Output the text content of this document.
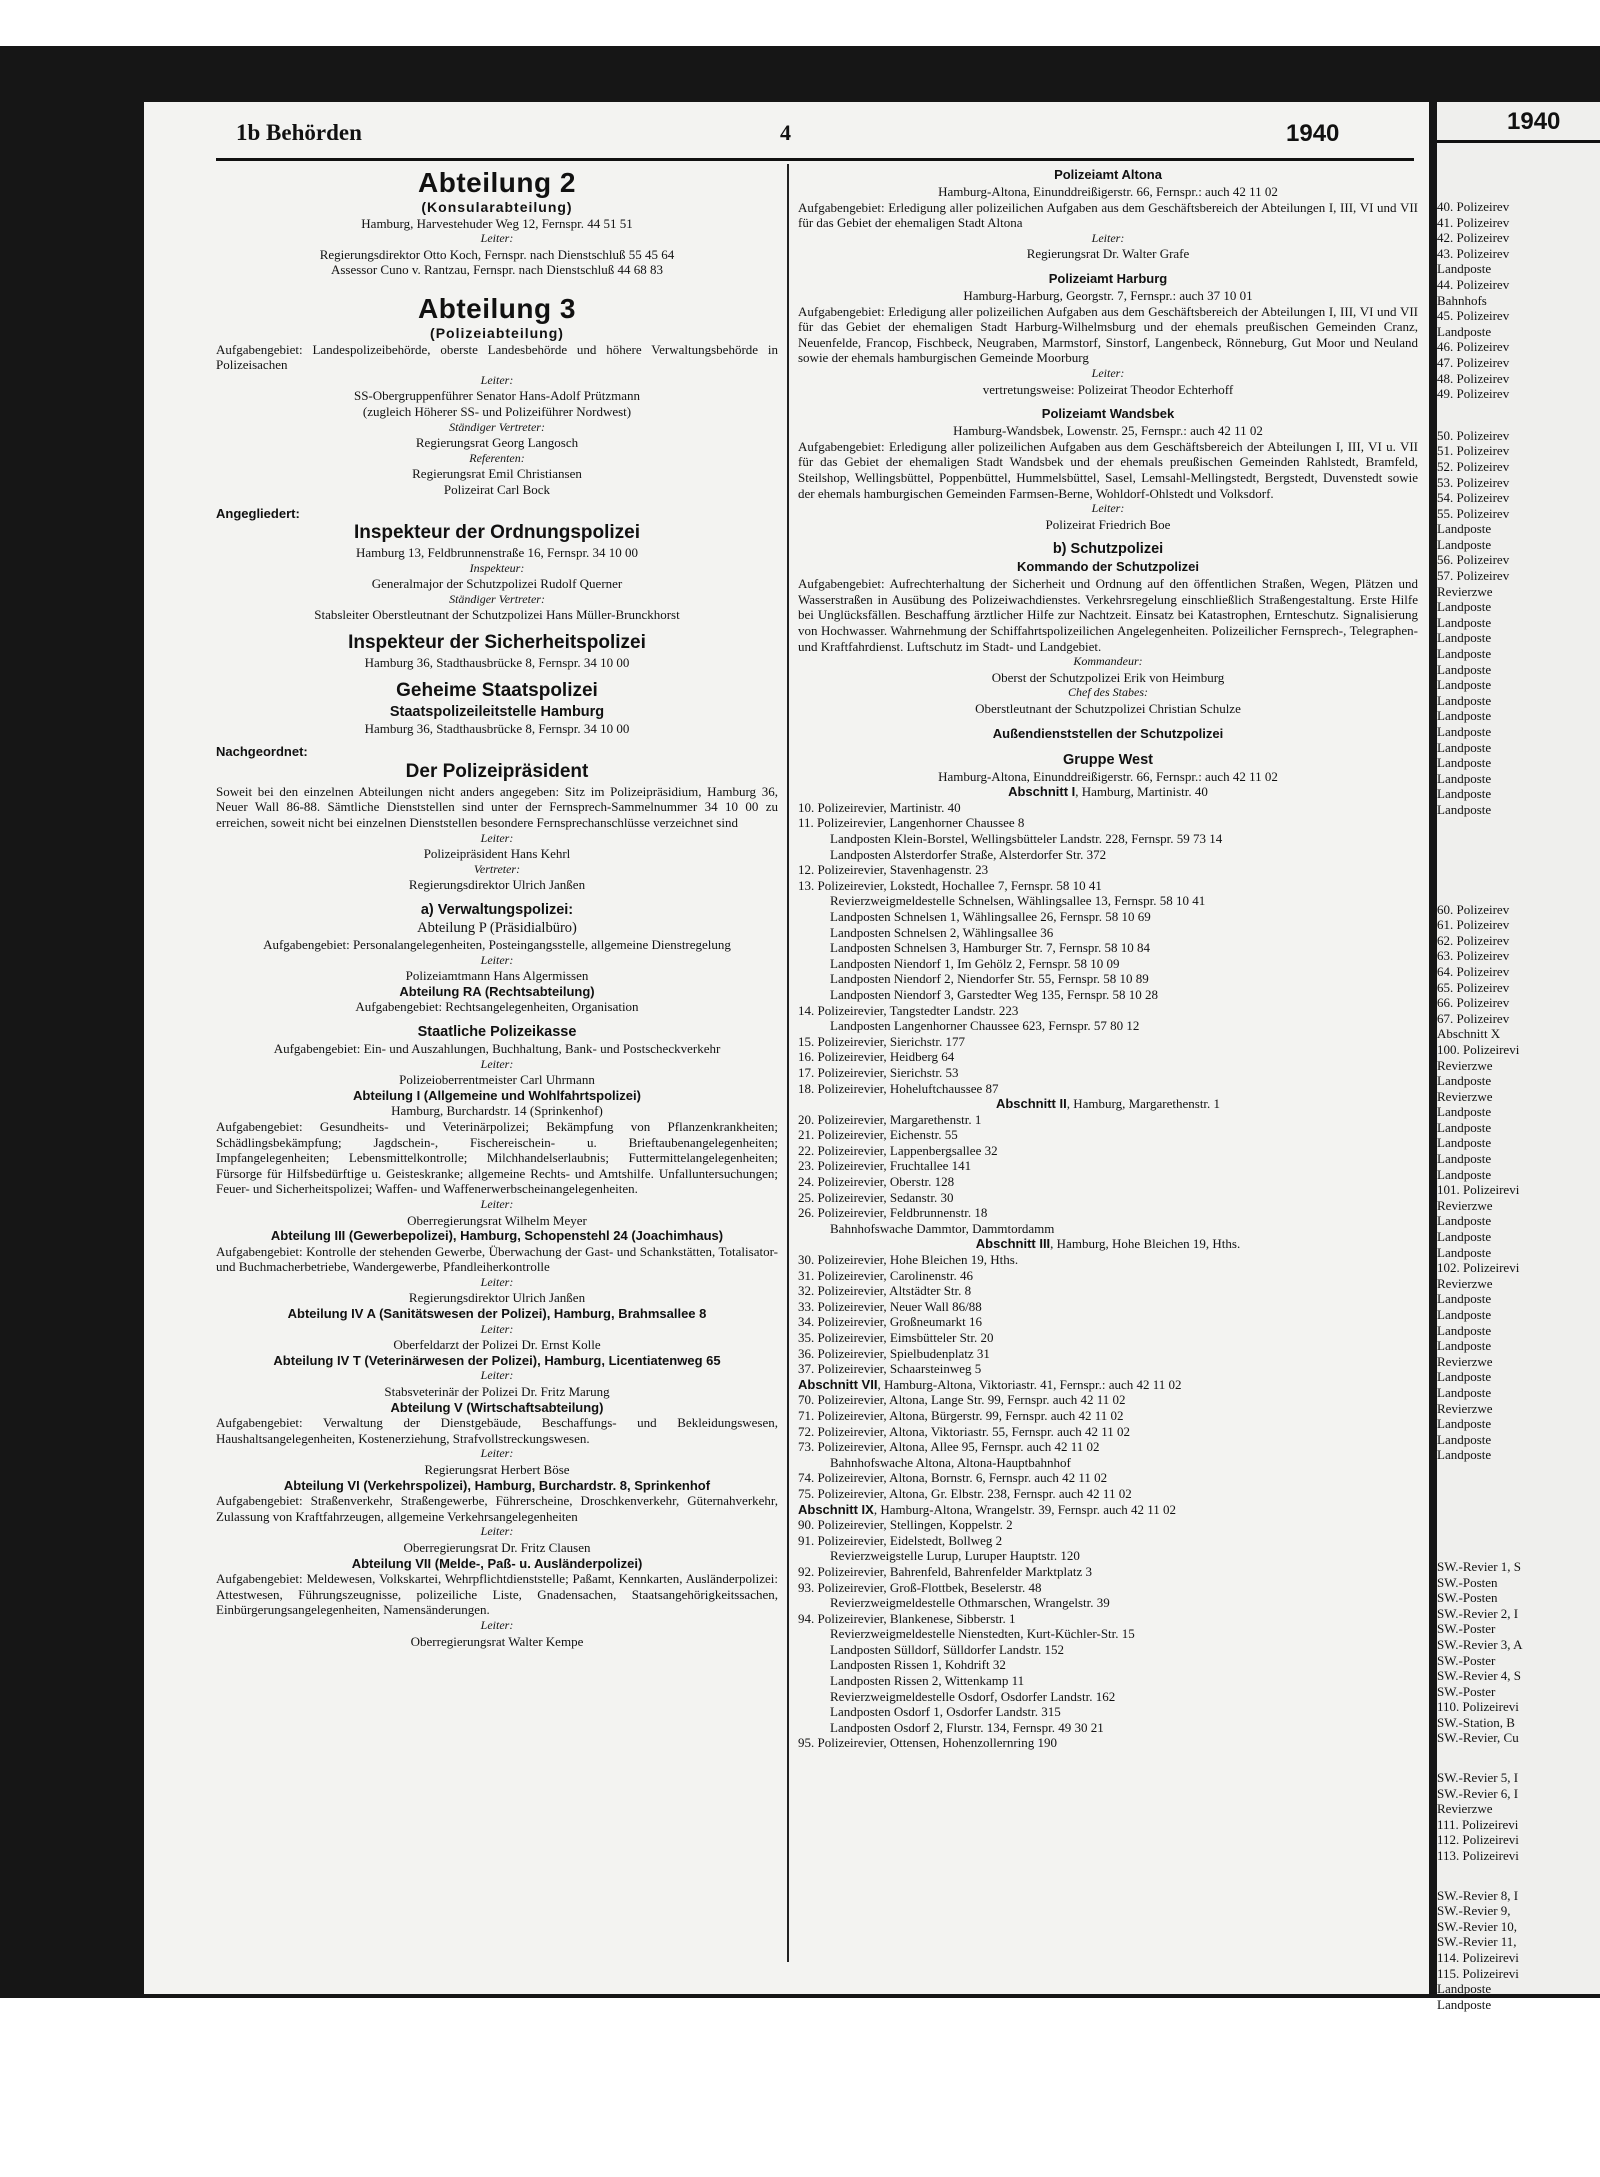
1b Behörden	4	1940
Abteilung 2
(Konsularabteilung)
Hamburg, Harvestehuder Weg 12, Fernspr. 44 51 51
Leiter:
Regierungsdirektor Otto Koch, Fernspr. nach Dienstschluß 55 45 64
Assessor Cuno v. Rantzau, Fernspr. nach Dienstschluß 44 68 83
Abteilung 3
(Polizeiabteilung)
Aufgabengebiet: Landespolizeibehörde, oberste Landesbehörde und höhere Verwaltungsbehörde in Polizeisachen
Leiter:
SS-Obergruppenführer Senator Hans-Adolf Prützmann
(zugleich Höherer SS- und Polizeiführer Nordwest)
Ständiger Vertreter:
Regierungsrat Georg Langosch
Referenten:
Regierungsrat Emil Christiansen
Polizeirat Carl Bock
Angegliedert:
Inspekteur der Ordnungspolizei
Hamburg 13, Feldbrunnenstraße 16, Fernspr. 34 10 00
Inspekteur:
Generalmajor der Schutzpolizei Rudolf Querner
Ständiger Vertreter:
Stabsleiter Oberstleutnant der Schutzpolizei Hans Müller-Brunckhorst
Inspekteur der Sicherheitspolizei
Hamburg 36, Stadthausbrücke 8, Fernspr. 34 10 00
Geheime Staatspolizei
Staatspolizeileitstelle Hamburg
Hamburg 36, Stadthausbrücke 8, Fernspr. 34 10 00
Nachgeordnet:
Der Polizeipräsident
Soweit bei den einzelnen Abteilungen nicht anders angegeben: Sitz im Polizeipräsidium, Hamburg 36, Neuer Wall 86-88. Sämtliche Dienststellen sind unter der Fernsprech-Sammelnummer 34 10 00 zu erreichen, soweit nicht bei einzelnen Dienststellen besondere Fernsprechanschlüsse verzeichnet sind
Leiter:
Polizeipräsident Hans Kehrl
Vertreter:
Regierungsdirektor Ulrich Janßen
a) Verwaltungspolizei:
Abteilung P (Präsidialbüro)
Aufgabengebiet: Personalangelegenheiten, Posteingangsstelle, allgemeine Dienstregelung
Leiter:
Polizeiamtmann Hans Algermissen
Abteilung RA (Rechtsabteilung)
Aufgabengebiet: Rechtsangelegenheiten, Organisation
Staatliche Polizeikasse
Aufgabengebiet: Ein- und Auszahlungen, Buchhaltung, Bank- und Postscheckverkehr
Leiter:
Polizeioberrentmeister Carl Uhrmann
Abteilung I (Allgemeine und Wohlfahrtspolizei)
Hamburg, Burchardstr. 14 (Sprinkenhof)
Aufgabengebiet: Gesundheits- und Veterinärpolizei; Bekämpfung von Pflanzenkrankheiten; Schädlingsbekämpfung; Jagdschein-, Fischereischein- u. Brieftaubenangelegenheiten; Impfangelegenheiten; Lebensmittelkontrolle; Milchhandelserlaubnis; Futtermittelangelegenheiten; Fürsorge für Hilfsbedürftige u. Geisteskranke; allgemeine Rechts- und Amtshilfe. Unfalluntersuchungen; Feuer- und Sicherheitspolizei; Waffen- und Waffenerwerbscheinangelegenheiten.
Leiter:
Oberregierungsrat Wilhelm Meyer
Abteilung III (Gewerbepolizei), Hamburg, Schopenstehl 24 (Joachimhaus)
Aufgabengebiet: Kontrolle der stehenden Gewerbe, Überwachung der Gast- und Schankstätten, Totalisator- und Buchmacherbetriebe, Wandergewerbe, Pfandleiherkontrolle
Leiter:
Regierungsdirektor Ulrich Janßen
Abteilung IV A (Sanitätswesen der Polizei), Hamburg, Brahmsallee 8
Leiter:
Oberfeldarzt der Polizei Dr. Ernst Kolle
Abteilung IV T (Veterinärwesen der Polizei), Hamburg, Licentiatenweg 65
Leiter:
Stabsveterinär der Polizei Dr. Fritz Marung
Abteilung V (Wirtschaftsabteilung)
Aufgabengebiet: Verwaltung der Dienstgebäude, Beschaffungs- und Bekleidungswesen, Haushaltsangelegenheiten, Kostenerziehung, Strafvollstreckungswesen.
Leiter:
Regierungsrat Herbert Böse
Abteilung VI (Verkehrspolizei), Hamburg, Burchardstr. 8, Sprinkenhof
Aufgabengebiet: Straßenverkehr, Straßengewerbe, Führerscheine, Droschkenverkehr, Güternahverkehr, Zulassung von Kraftfahrzeugen, allgemeine Verkehrsangelegenheiten
Leiter:
Oberregierungsrat Dr. Fritz Clausen
Abteilung VII (Melde-, Paß- u. Ausländerpolizei)
Aufgabengebiet: Meldewesen, Volkskartei, Wehrpflichtdienststelle; Paßamt, Kennkarten, Ausländerpolizei: Attestwesen, Führungszeugnisse, polizeiliche Liste, Gnadensachen, Staatsangehörigkeitssachen, Einbürgerungsangelegenheiten, Namensänderungen.
Leiter:
Oberregierungsrat Walter Kempe
Polizeiamt Altona
Hamburg-Altona, Einunddreißigerstr. 66, Fernspr.: auch 42 11 02
Aufgabengebiet: Erledigung aller polizeilichen Aufgaben aus dem Geschäftsbereich der Abteilungen I, III, VI und VII für das Gebiet der ehemaligen Stadt Altona
Leiter:
Regierungsrat Dr. Walter Grafe
Polizeiamt Harburg
Hamburg-Harburg, Georgstr. 7, Fernspr.: auch 37 10 01
Aufgabengebiet: Erledigung aller polizeilichen Aufgaben aus dem Geschäftsbereich der Abteilungen I, III, VI und VII für das Gebiet der ehemaligen Stadt Harburg-Wilhelmsburg und der ehemals preußischen Gemeinden Cranz, Neuenfelde, Francop, Fischbeck, Neugraben, Marmstorf, Sinstorf, Langenbeck, Rönneburg, Gut Moor und Neuland sowie der ehemals hamburgischen Gemeinde Moorburg
Leiter:
vertretungsweise: Polizeirat Theodor Echterhoff
Polizeiamt Wandsbek
Hamburg-Wandsbek, Lowenstr. 25, Fernspr.: auch 42 11 02
Aufgabengebiet: Erledigung aller polizeilichen Aufgaben aus dem Geschäftsbereich der Abteilungen I, III, VI u. VII für das Gebiet der ehemaligen Stadt Wandsbek und der ehemals preußischen Gemeinden Rahlstedt, Bramfeld, Steilshop, Wellingsbüttel, Poppenbüttel, Hummelsbüttel, Sasel, Lemsahl-Mellingstedt, Bergstedt, Duvenstedt sowie der ehemals hamburgischen Gemeinden Farmsen-Berne, Wohldorf-Ohlstedt und Volksdorf.
Leiter:
Polizeirat Friedrich Boe
b) Schutzpolizei
Kommando der Schutzpolizei
Aufgabengebiet: Aufrechterhaltung der Sicherheit und Ordnung auf den öffentlichen Straßen, Wegen, Plätzen und Wasserstraßen in Ausübung des Polizeiwachdienstes. Verkehrsregelung einschließlich Straßengestaltung. Erste Hilfe bei Unglücksfällen. Beschaffung ärztlicher Hilfe zur Nachtzeit. Einsatz bei Katastrophen, Ernteschutz. Signalisierung von Hochwasser. Wahrnehmung der Schiffahrtspolizeilichen Angelegenheiten. Polizeilicher Fernsprech-, Telegraphen- und Kraftfahrdienst. Luftschutz im Stadt- und Landgebiet.
Kommandeur:
Oberst der Schutzpolizei Erik von Heimburg
Chef des Stabes:
Oberstleutnant der Schutzpolizei Christian Schulze
Außendienststellen der Schutzpolizei
Gruppe West
Hamburg-Altona, Einunddreißigerstr. 66, Fernspr.: auch 42 11 02
Abschnitt I, Hamburg, Martinistr. 40
10. Polizeirevier, Martinistr. 40
11. Polizeirevier, Langenhorner Chaussee 8
Landposten Klein-Borstel, Wellingsbütteler Landstr. 228, Fernspr. 59 73 14
Landposten Alsterdorfer Straße, Alsterdorfer Str. 372
12. Polizeirevier, Stavenhagenstr. 23
13. Polizeirevier, Lokstedt, Hochallee 7, Fernspr. 58 10 41
Revierzweigmeldestelle Schnelsen, Wählingsallee 13, Fernspr. 58 10 41
Landposten Schnelsen 1, Wählingsallee 26, Fernspr. 58 10 69
Landposten Schnelsen 2, Wählingsallee 36
Landposten Schnelsen 3, Hamburger Str. 7, Fernspr. 58 10 84
Landposten Niendorf 1, Im Gehölz 2, Fernspr. 58 10 09
Landposten Niendorf 2, Niendorfer Str. 55, Fernspr. 58 10 89
Landposten Niendorf 3, Garstedter Weg 135, Fernspr. 58 10 28
14. Polizeirevier, Tangstedter Landstr. 223
Landposten Langenhorner Chaussee 623, Fernspr. 57 80 12
15. Polizeirevier, Sierichstr. 177
16. Polizeirevier, Heidberg 64
17. Polizeirevier, Sierichstr. 53
18. Polizeirevier, Hoheluftchaussee 87
Abschnitt II, Hamburg, Margarethenstr. 1
20. Polizeirevier, Margarethenstr. 1
21. Polizeirevier, Eichenstr. 55
22. Polizeirevier, Lappenbergsallee 32
23. Polizeirevier, Fruchtallee 141
24. Polizeirevier, Oberstr. 128
25. Polizeirevier, Sedanstr. 30
26. Polizeirevier, Feldbrunnenstr. 18
Bahnhofswache Dammtor, Dammtordamm
Abschnitt III, Hamburg, Hohe Bleichen 19, Hths.
30. Polizeirevier, Hohe Bleichen 19, Hths.
31. Polizeirevier, Carolinenstr. 46
32. Polizeirevier, Altstädter Str. 8
33. Polizeirevier, Neuer Wall 86/88
34. Polizeirevier, Großneumarkt 16
35. Polizeirevier, Eimsbütteler Str. 20
36. Polizeirevier, Spielbudenplatz 31
37. Polizeirevier, Schaarsteinweg 5
Abschnitt VII, Hamburg-Altona, Viktoriastr. 41, Fernspr.: auch 42 11 02
70. Polizeirevier, Altona, Lange Str. 99, Fernspr. auch 42 11 02
71. Polizeirevier, Altona, Bürgerstr. 99, Fernspr. auch 42 11 02
72. Polizeirevier, Altona, Viktoriastr. 55, Fernspr. auch 42 11 02
73. Polizeirevier, Altona, Allee 95, Fernspr. auch 42 11 02
Bahnhofswache Altona, Altona-Hauptbahnhof
74. Polizeirevier, Altona, Bornstr. 6, Fernspr. auch 42 11 02
75. Polizeirevier, Altona, Gr. Elbstr. 238, Fernspr. auch 42 11 02
Abschnitt IX, Hamburg-Altona, Wrangelstr. 39, Fernspr. auch 42 11 02
90. Polizeirevier, Stellingen, Koppelstr. 2
91. Polizeirevier, Eidelstedt, Bollweg 2
Revierzweigstelle Lurup, Luruper Hauptstr. 120
92. Polizeirevier, Bahrenfeld, Bahrenfelder Marktplatz 3
93. Polizeirevier, Groß-Flottbek, Beselerstr. 48
Revierzweigmeldestelle Othmarschen, Wrangelstr. 39
94. Polizeirevier, Blankenese, Sibberstr. 1
Revierzweigmeldestelle Nienstedten, Kurt-Küchler-Str. 15
Landposten Sülldorf, Sülldorfer Landstr. 152
Landposten Rissen 1, Kohdrift 32
Landposten Rissen 2, Wittenkamp 11
Revierzweigmeldestelle Osdorf, Osdorfer Landstr. 162
Landposten Osdorf 1, Osdorfer Landstr. 315
Landposten Osdorf 2, Flurstr. 134, Fernspr. 49 30 21
95. Polizeirevier, Ottensen, Hohenzollernring 190
1940
40. Polizeirev
41. Polizeirev
42. Polizeirev
43. Polizeirev
Landposte
44. Polizeirev
Bahnhofs
45. Polizeirev
Landposte
46. Polizeirev
47. Polizeirev
48. Polizeirev
49. Polizeirev
50. Polizeirev
51. Polizeirev
52. Polizeirev
53. Polizeirev
54. Polizeirev
55. Polizeirev
Landposte
Landposte
56. Polizeirev
57. Polizeirev
Revierzwe
Landposte
Landposte
Landposte
Landposte
Landposte
Landposte
Landposte
Landposte
Landposte
Landposte
Landposte
Landposte
Landposte
Landposte
60. Polizeirev
61. Polizeirev
62. Polizeirev
63. Polizeirev
64. Polizeirev
65. Polizeirev
66. Polizeirev
67. Polizeirev
Abschnitt X
100. Polizeirevi
Revierzwe
Landposte
Revierzwe
Landposte
Landposte
Landposte
Landposte
Landposte
101. Polizeirevi
Revierzwe
Landposte
Landposte
Landposte
102. Polizeirevi
Revierzwe
Landposte
Landposte
Landposte
Landposte
Revierzwe
Landposte
Landposte
Revierzwe
Landposte
Landposte
Landposte
SW.-Revier 1, S
SW.-Posten
SW.-Posten
SW.-Revier 2, I
SW.-Poster
SW.-Revier 3, A
SW.-Poster
SW.-Revier 4, S
SW.-Poster
110. Polizeirevi
SW.-Station, B
SW.-Revier, Cu
SW.-Revier 5, I
SW.-Revier 6, I
Revierzwe
111. Polizeirevi
112. Polizeirevi
113. Polizeirevi
SW.-Revier 8, I
SW.-Revier 9,
SW.-Revier 10,
SW.-Revier 11,
114. Polizeirevi
115. Polizeirevi
Landposte
Landposte
